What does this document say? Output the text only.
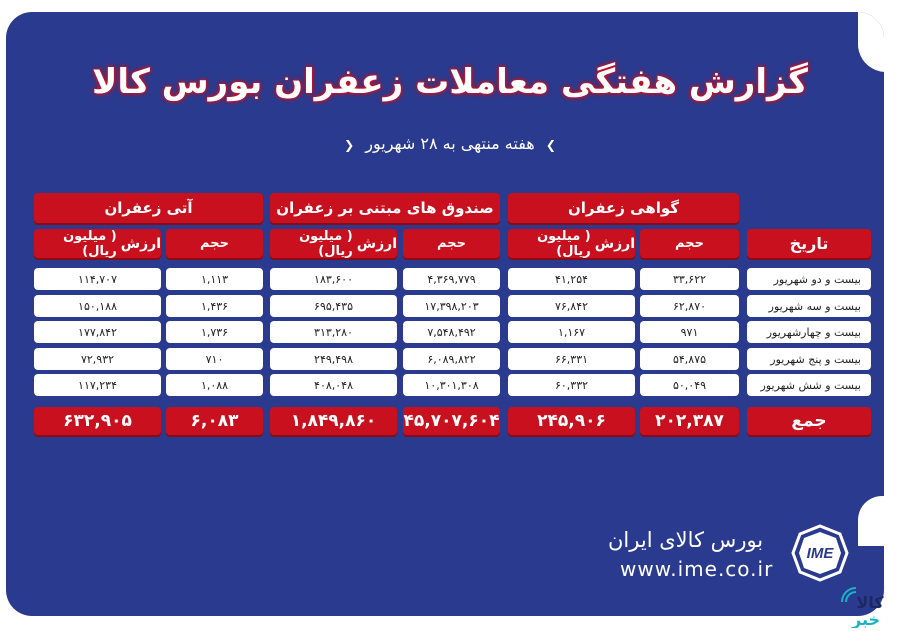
گزارش هفتگی معاملات زعفران بورس کالا
❯ هفته منتهی به ۲۸ شهریور ❮
گواهی زعفران
صندوق های مبتنی بر زعفران
آتی زعفران
تاریخ
حجم
ارزش
( میلیون ریال)
حجم
ارزش
( میلیون ریال)
حجم
ارزش
( میلیون ریال)
بیست و دو شهریور
۳۳,۶۲۲
۴۱,۲۵۴
۴,۳۶۹,۷۷۹
۱۸۳,۶۰۰
۱,۱۱۳
۱۱۴,۷۰۷
بیست و سه شهریور
۶۲,۸۷۰
۷۶,۸۴۲
۱۷,۳۹۸,۲۰۳
۶۹۵,۴۳۵
۱,۴۳۶
۱۵۰,۱۸۸
بیست و چهارشهریور
۹۷۱
۱,۱۶۷
۷,۵۴۸,۴۹۲
۳۱۳,۲۸۰
۱,۷۳۶
۱۷۷,۸۴۲
بیست و پنج شهریور
۵۴,۸۷۵
۶۶,۳۳۱
۶,۰۸۹,۸۲۲
۲۴۹,۴۹۸
۷۱۰
۷۲,۹۳۲
بیست و شش شهریور
۵۰,۰۴۹
۶۰,۳۳۲
۱۰,۳۰۱,۳۰۸
۴۰۸,۰۴۸
۱,۰۸۸
۱۱۷,۲۳۴
جمع
۲۰۲,۳۸۷
۲۴۵,۹۰۶
۴۵,۷۰۷,۶۰۴
۱,۸۴۹,۸۶۰
۶,۰۸۳
۶۳۲,۹۰۵
بورس کالای ایران
www.ime.co.ir
IME
کالا
خبر
